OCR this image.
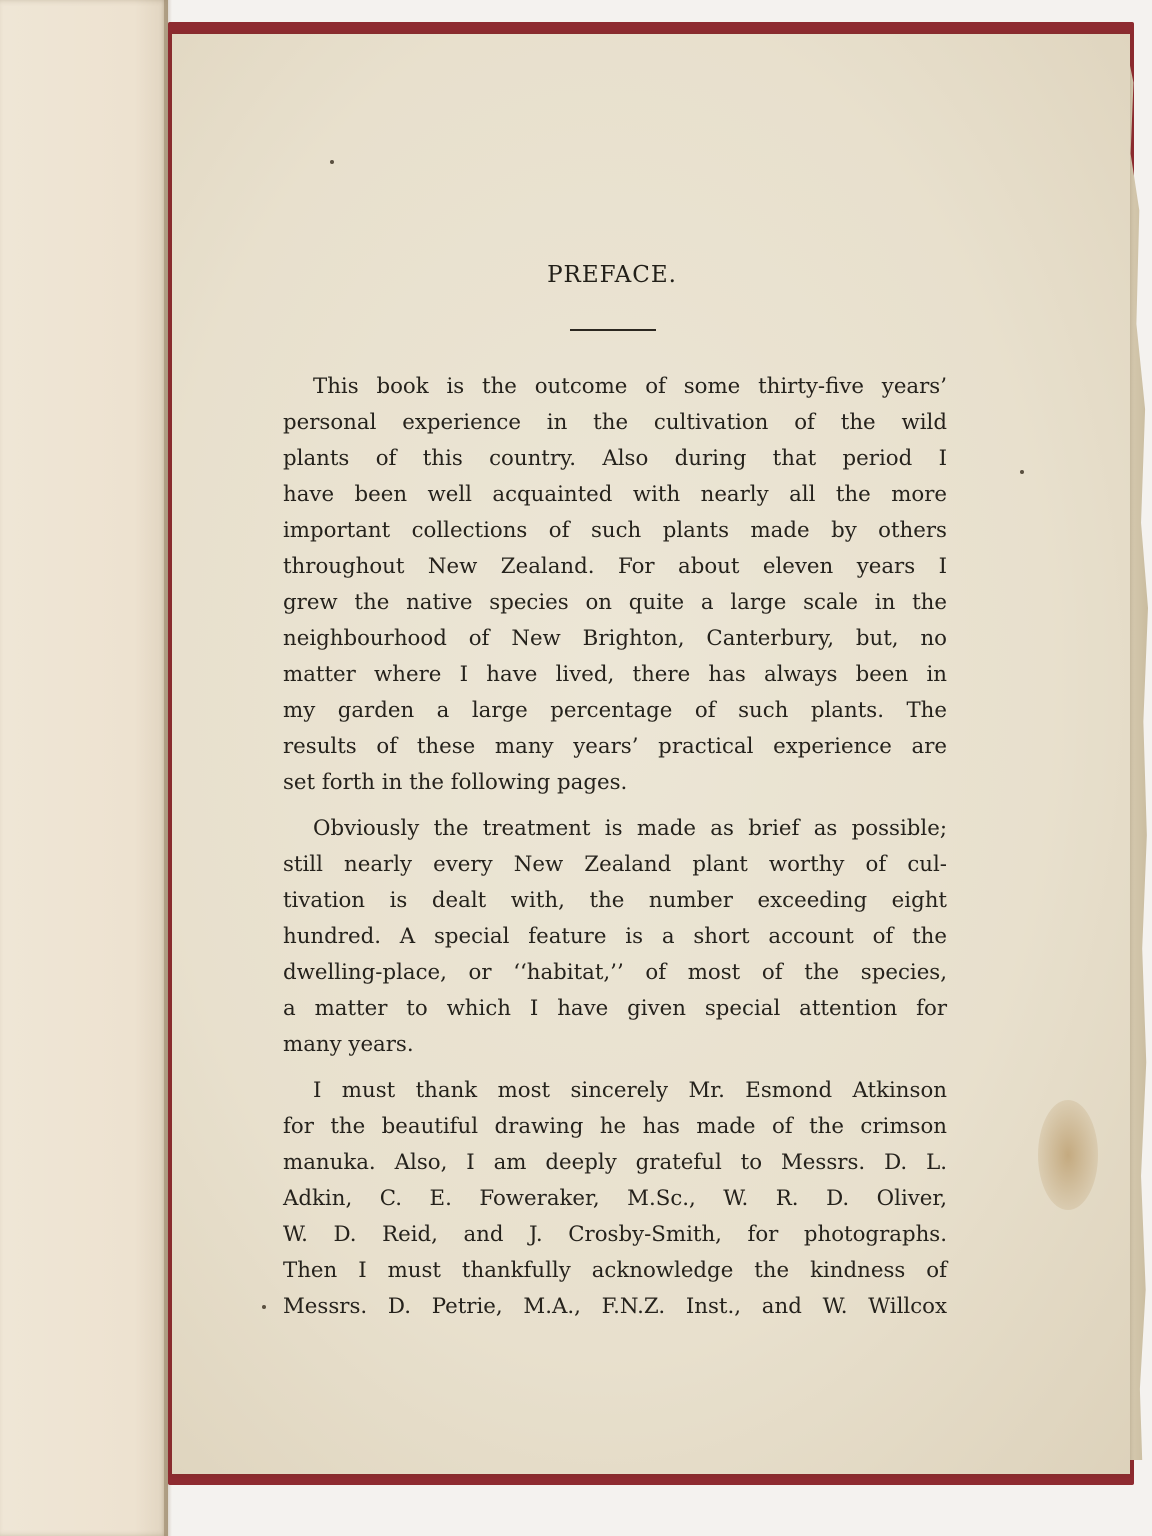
PREFACE.
This book is the outcome of some thirty-five years’
personal experience in the cultivation of the wild
plants of this country. Also during that period I
have been well acquainted with nearly all the more
important collections of such plants made by others
throughout New Zealand. For about eleven years I
grew the native species on quite a large scale in the
neighbourhood of New Brighton, Canterbury, but, no
matter where I have lived, there has always been in
my garden a large percentage of such plants. The
results of these many years’ practical experience are
set forth in the following pages.
Obviously the treatment is made as brief as possible;
still nearly every New Zealand plant worthy of cul-
tivation is dealt with, the number exceeding eight
hundred. A special feature is a short account of the
dwelling-place, or ‘‘habitat,’’ of most of the species,
a matter to which I have given special attention for
many years.
I must thank most sincerely Mr. Esmond Atkinson
for the beautiful drawing he has made of the crimson
manuka. Also, I am deeply grateful to Messrs. D. L.
Adkin, C. E. Foweraker, M.Sc., W. R. D. Oliver,
W. D. Reid, and J. Crosby-Smith, for photographs.
Then I must thankfully acknowledge the kindness of
Messrs. D. Petrie, M.A., F.N.Z. Inst., and W. Willcox
